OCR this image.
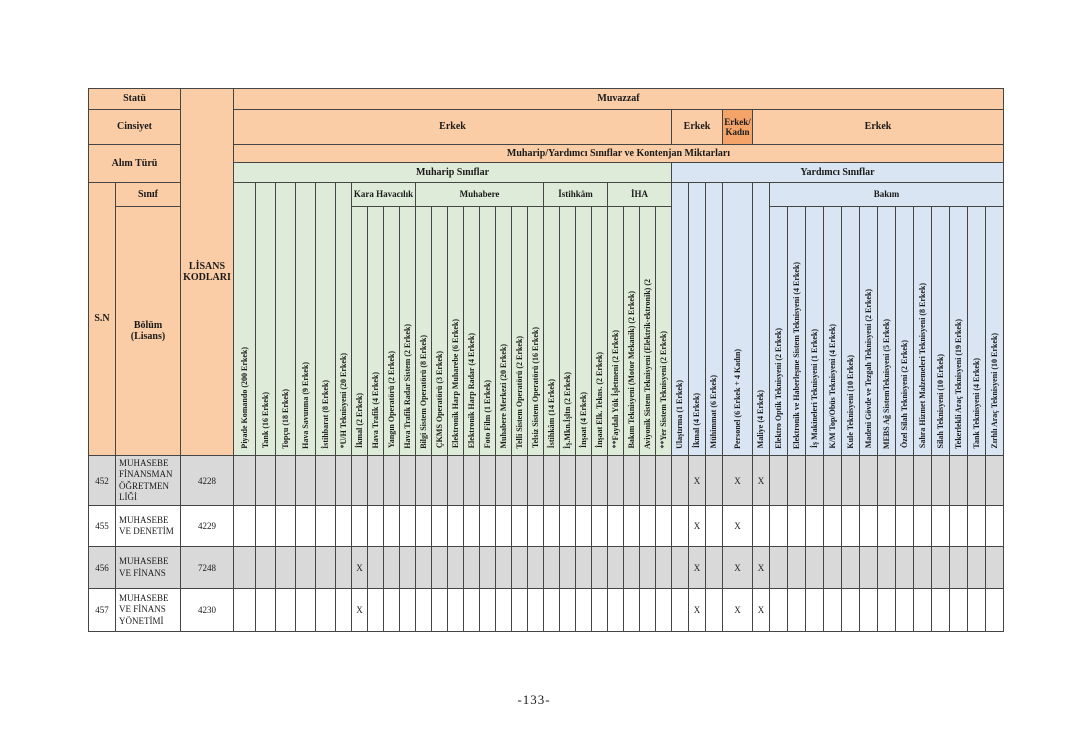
Statü		LİSANS KODLARI	Muvazzaf																																											
Cinsiyet			Erkek																										Erkek			Erkek/Kadın	Erkek													
Alım Türü			Muharip/Yardımcı Sınıflar ve Kontenjan Miktarları																																											
			Muharip Sınıflar																										Yardımcı Sınıflar																	
S.N	Sınıf		Piyade Komando (200 Erkek)	Tank (16 Erkek)	Topçu (18 Erkek)	Hava Savunma (9 Erkek)	İstihbarat (8 Erkek)	*U/H Teknisyeni (20 Erkek)	Kara Havacılık				Muhabere								İstihkâm				İHA				Ulaştırma (1 Erkek)	İkmal (4 Erkek)	Mühimmat (6 Erkek)	Personel (6 Erkek + 4 Kadın)	Maliye (4 Erkek)	Bakım												
	Bölüm (Lisans)								İkmal (2 Erkek)	Hava Trafik (4 Erkek)	Yangın Operatörü (2 Erkek)	Hava Trafik Radar Sistem (2 Erkek)	Bilgi Sistem Operatörü (8 Erkek)	ÇKMS Operatörü (3 Erkek)	Elektronik Harp Muharebe (6 Erkek)	Elektronik Harp Radar (4 Erkek)	Foto Film (1 Erkek)	Muhabere Merkezi (20 Erkek)	Telli Sistem Operatörü (2 Erkek)	Telsiz Sistem Operatörü (16 Erkek)	İstihkâm (14 Erkek)	İş.Mkn.İşltn (2 Erkek)	İnşaat (4 Erkek)	İnşaat Elk. Tekns. (2 Erkek)	**Faydalı Yük İşletmeni (2 Erkek)	Bakım Teknisyeni (Motor Mekanik) (2 Erkek)	Aviyonik Sistem Teknisyeni (Elektrik-ektronik) (2	**Yer Sistem Teknisyeni (2 Erkek)						Elektro Optik Teknisyeni (2 Erkek)	Elektronik ve Haberleşme Sistem Teknisyeni (4 Erkek)	İş Makineleri Teknisyeni (1 Erkek)	K/M Top/Obüs Teknisyeni (4 Erkek)	Kule Teknisyeni (10 Erkek)	Madeni Gövde ve Tezgah Teknisyeni (2 Erkek)	MEBS Ağ SistemTeknisyeni (5 Erkek)	Özel Silah Teknisyeni (2 Erkek)	Sahra Hizmet Malzemeleri Teknisyeni (8 Erkek)	Silah Teknisyeni (10 Erkek)	Tekerlekli Araç Teknisyeni (19 Erkek)	Tank Teknisyeni (4 Erkek)	Zırhlı Araç Teknisyeni (10 Erkek)
452	MUHASEBE FİNANSMAN ÖĞRETMEN LİĞİ	4228																												X		X	X													
455	MUHASEBE VE DENETİM	4229																												X		X														
456	MUHASEBE VE FİNANS	7248							X																					X		X	X													
457	MUHASEBE VE FİNANS YÖNETİMİ	4230							X																					X		X	X													
-133-
